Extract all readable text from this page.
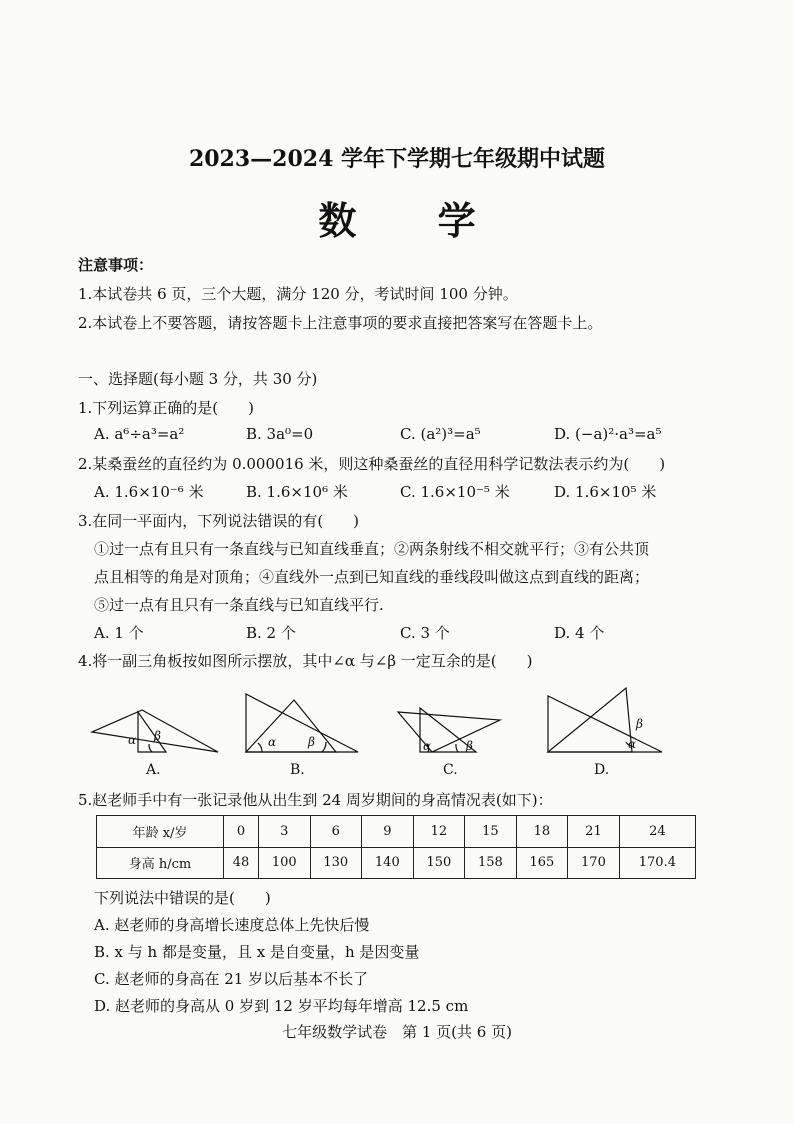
2023—2024 学年下学期七年级期中试题
数 学
注意事项：
1.本试卷共 6 页，三个大题，满分 120 分，考试时间 100 分钟。
2.本试卷上不要答题，请按答题卡上注意事项的要求直接把答案写在答题卡上。
一、选择题(每小题 3 分，共 30 分)
1.下列运算正确的是(　　)
A. a⁶÷a³=a²	B. 3a⁰=0	C. (a²)³=a⁵	D. (−a)²·a³=a⁵
2.某桑蚕丝的直径约为 0.000016 米，则这种桑蚕丝的直径用科学记数法表示约为(　　)
A. 1.6×10⁻⁶ 米	B. 1.6×10⁶ 米	C. 1.6×10⁻⁵ 米	D. 1.6×10⁵ 米
3.在同一平面内，下列说法错误的有(　　)
①过一点有且只有一条直线与已知直线垂直；②两条射线不相交就平行；③有公共顶
点且相等的角是对顶角；④直线外一点到已知直线的垂线段叫做这点到直线的距离；
⑤过一点有且只有一条直线与已知直线平行.
A. 1 个	B. 2 个	C. 3 个	D. 4 个
4.将一副三角板按如图所示摆放，其中∠α 与∠β 一定互余的是(　　)
α β	α	β	α	β
β
α
A.	B.	C.	D.
5.赵老师手中有一张记录他从出生到 24 周岁期间的身高情况表(如下)：
年龄 x/岁	0	3	6	9	12	15	18	21	24
身高 h/cm	48	100	130	140	150	158	165	170	170.4
下列说法中错误的是(　　)
A. 赵老师的身高增长速度总体上先快后慢
B. x 与 h 都是变量，且 x 是自变量，h 是因变量
C. 赵老师的身高在 21 岁以后基本不长了
D. 赵老师的身高从 0 岁到 12 岁平均每年增高 12.5 cm
七年级数学试卷　第 1 页(共 6 页)
